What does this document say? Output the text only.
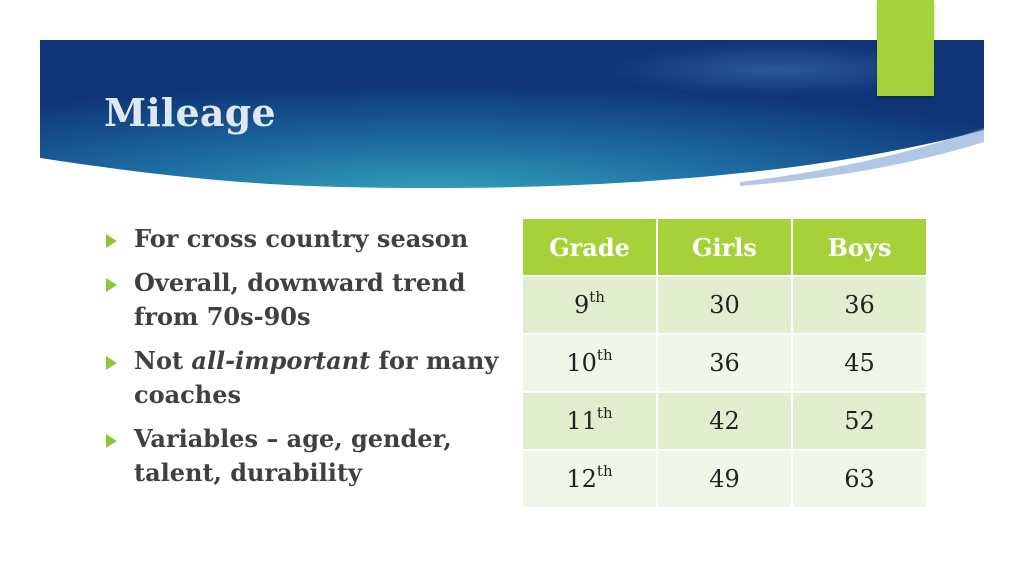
Mileage
For cross country season
Overall, downward trend from 70s-90s
Not all-important for many coaches
Variables – age, gender, talent, durability
Grade	Girls	Boys
9th	30	36
10th	36	45
11th	42	52
12th	49	63
